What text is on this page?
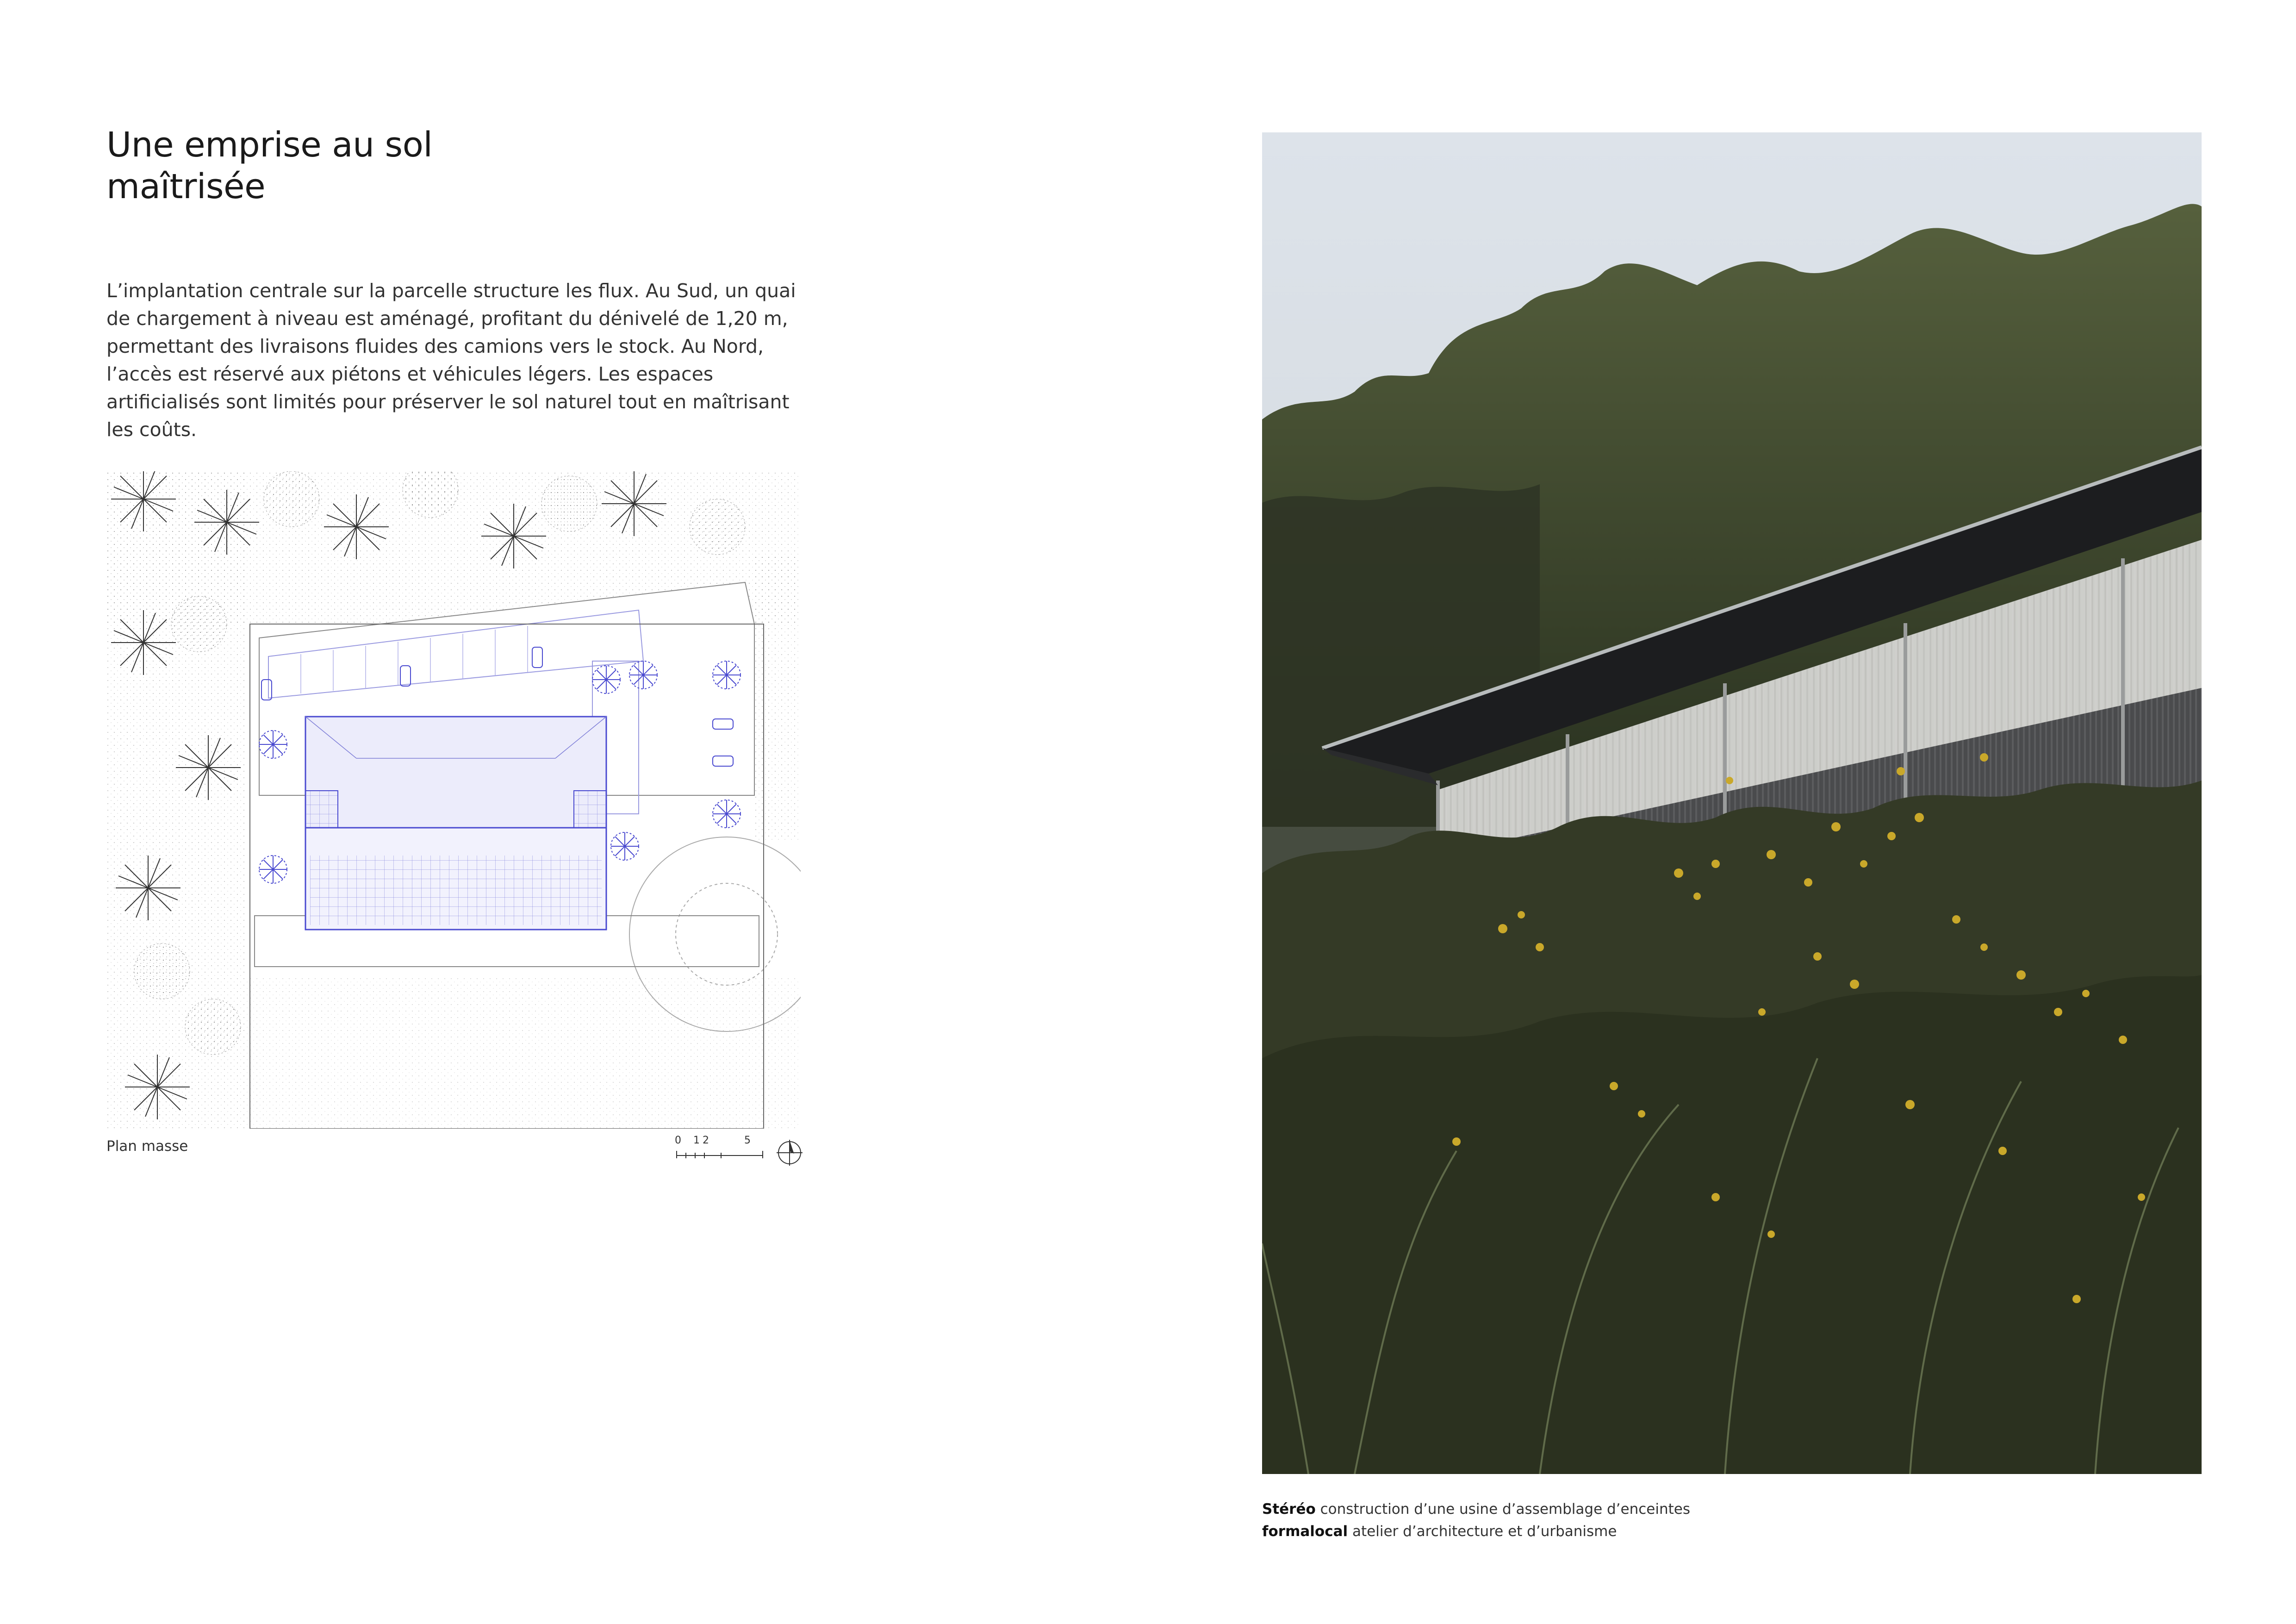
Une emprise au sol
maîtrisée

L’implantation centrale sur la parcelle structure les flux. Au Sud, un quai de chargement à niveau est aménagé, profitant du dénivelé de 1,20 m, permettant des livraisons fluides des camions vers le stock. Au Nord, l’accès est réservé aux piétons et véhicules légers. Les espaces artificialisés sont limités pour préserver le sol naturel tout en maîtrisant les coûts.

Plan masse	0 1 2	5
Stéréo construction d’une usine d’assemblage d’enceintes
formalocal atelier d’architecture et d’urbanisme
